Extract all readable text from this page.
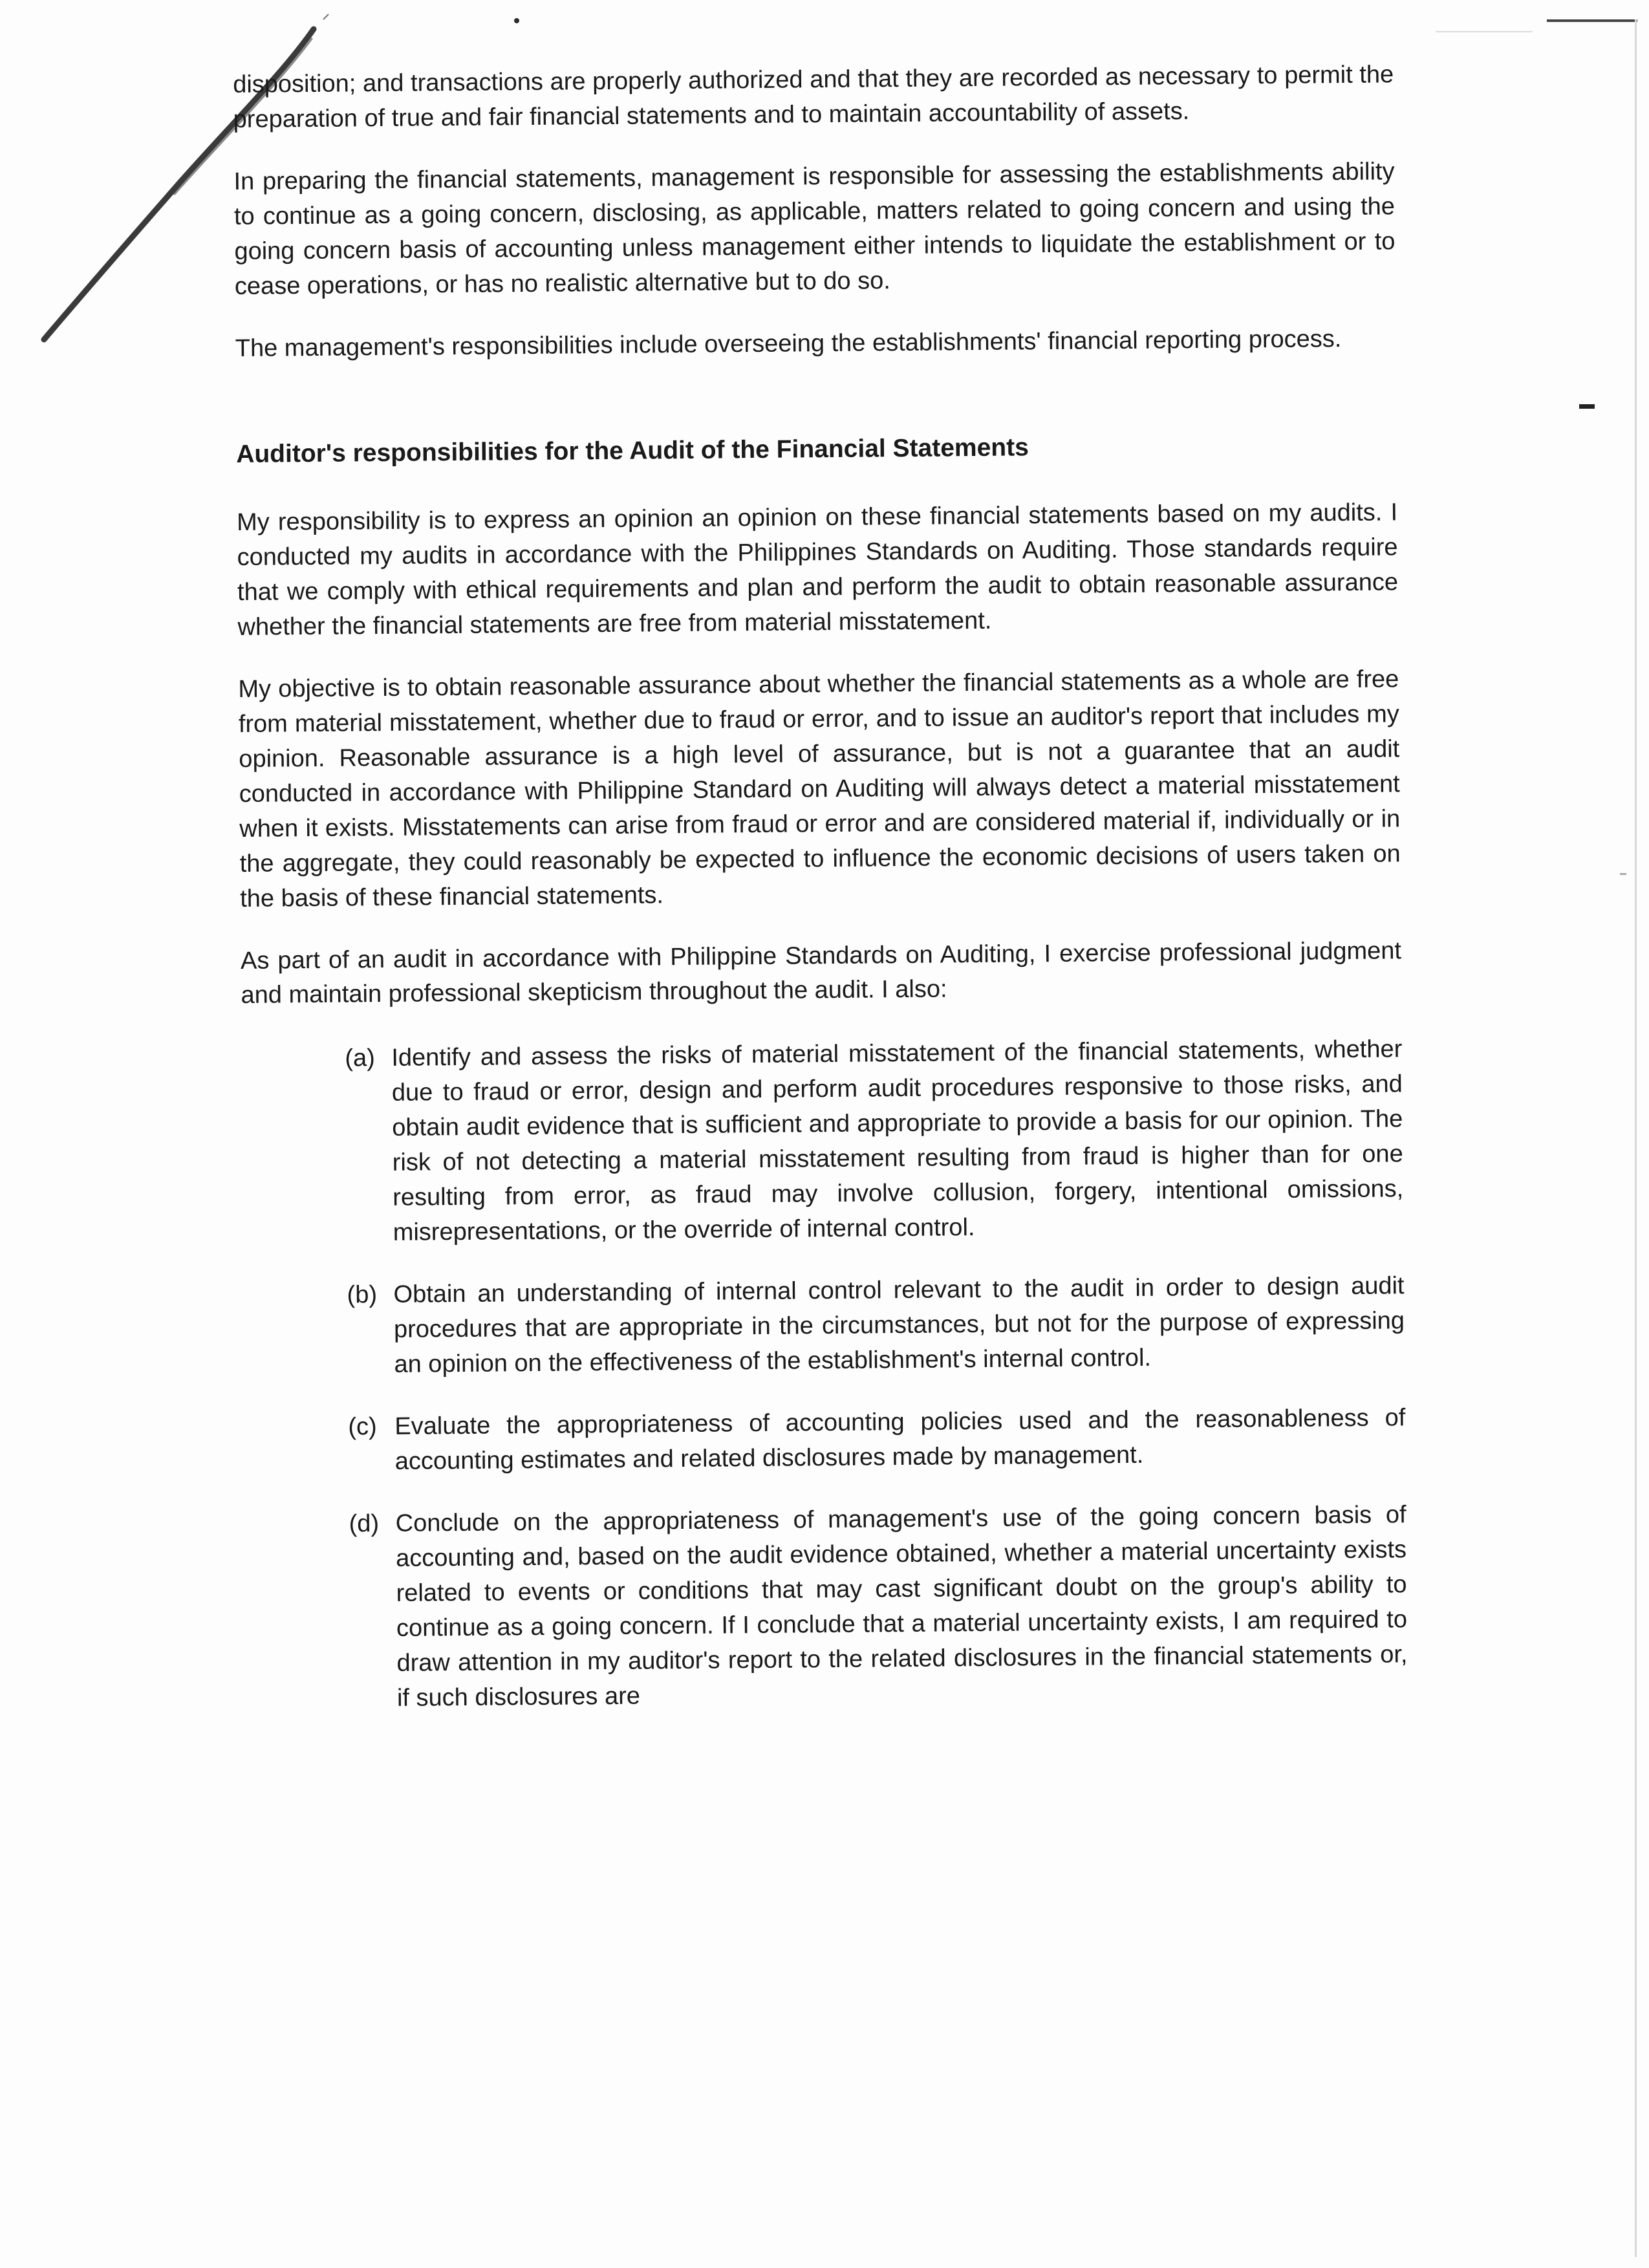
disposition; and transactions are properly authorized and that they are recorded as necessary to permit the preparation of true and fair financial statements and to maintain accountability of assets.

In preparing the financial statements, management is responsible for assessing the establishments ability to continue as a going concern, disclosing, as applicable, matters related to going concern and using the going concern basis of accounting unless management either intends to liquidate the establishment or to cease operations, or has no realistic alternative but to do so.

The management's responsibilities include overseeing the establishments' financial reporting process.

Auditor's responsibilities for the Audit of the Financial Statements

My responsibility is to express an opinion an opinion on these financial statements based on my audits. I conducted my audits in accordance with the Philippines Standards on Auditing. Those standards require that we comply with ethical requirements and plan and perform the audit to obtain reasonable assurance whether the financial statements are free from material misstatement.

My objective is to obtain reasonable assurance about whether the financial statements as a whole are free from material misstatement, whether due to fraud or error, and to issue an auditor's report that includes my opinion. Reasonable assurance is a high level of assurance, but is not a guarantee that an audit conducted in accordance with Philippine Standard on Auditing will always detect a material misstatement when it exists. Misstatements can arise from fraud or error and are considered material if, individually or in the aggregate, they could reasonably be expected to influence the economic decisions of users taken on the basis of these financial statements.

As part of an audit in accordance with Philippine Standards on Auditing, I exercise professional judgment and maintain professional skepticism throughout the audit. I also:

(a) Identify and assess the risks of material misstatement of the financial statements, whether due to fraud or error, design and perform audit procedures responsive to those risks, and obtain audit evidence that is sufficient and appropriate to provide a basis for our opinion. The risk of not detecting a material misstatement resulting from fraud is higher than for one resulting from error, as fraud may involve collusion, forgery, intentional omissions, misrepresentations, or the override of internal control.
(b) Obtain an understanding of internal control relevant to the audit in order to design audit procedures that are appropriate in the circumstances, but not for the purpose of expressing an opinion on the effectiveness of the establishment's internal control.
(c) Evaluate the appropriateness of accounting policies used and the reasonableness of accounting estimates and related disclosures made by management.
(d) Conclude on the appropriateness of management's use of the going concern basis of accounting and, based on the audit evidence obtained, whether a material uncertainty exists related to events or conditions that may cast significant doubt on the group's ability to continue as a going concern. If I conclude that a material uncertainty exists, I am required to draw attention in my auditor's report to the related disclosures in the financial statements or, if such disclosures are
